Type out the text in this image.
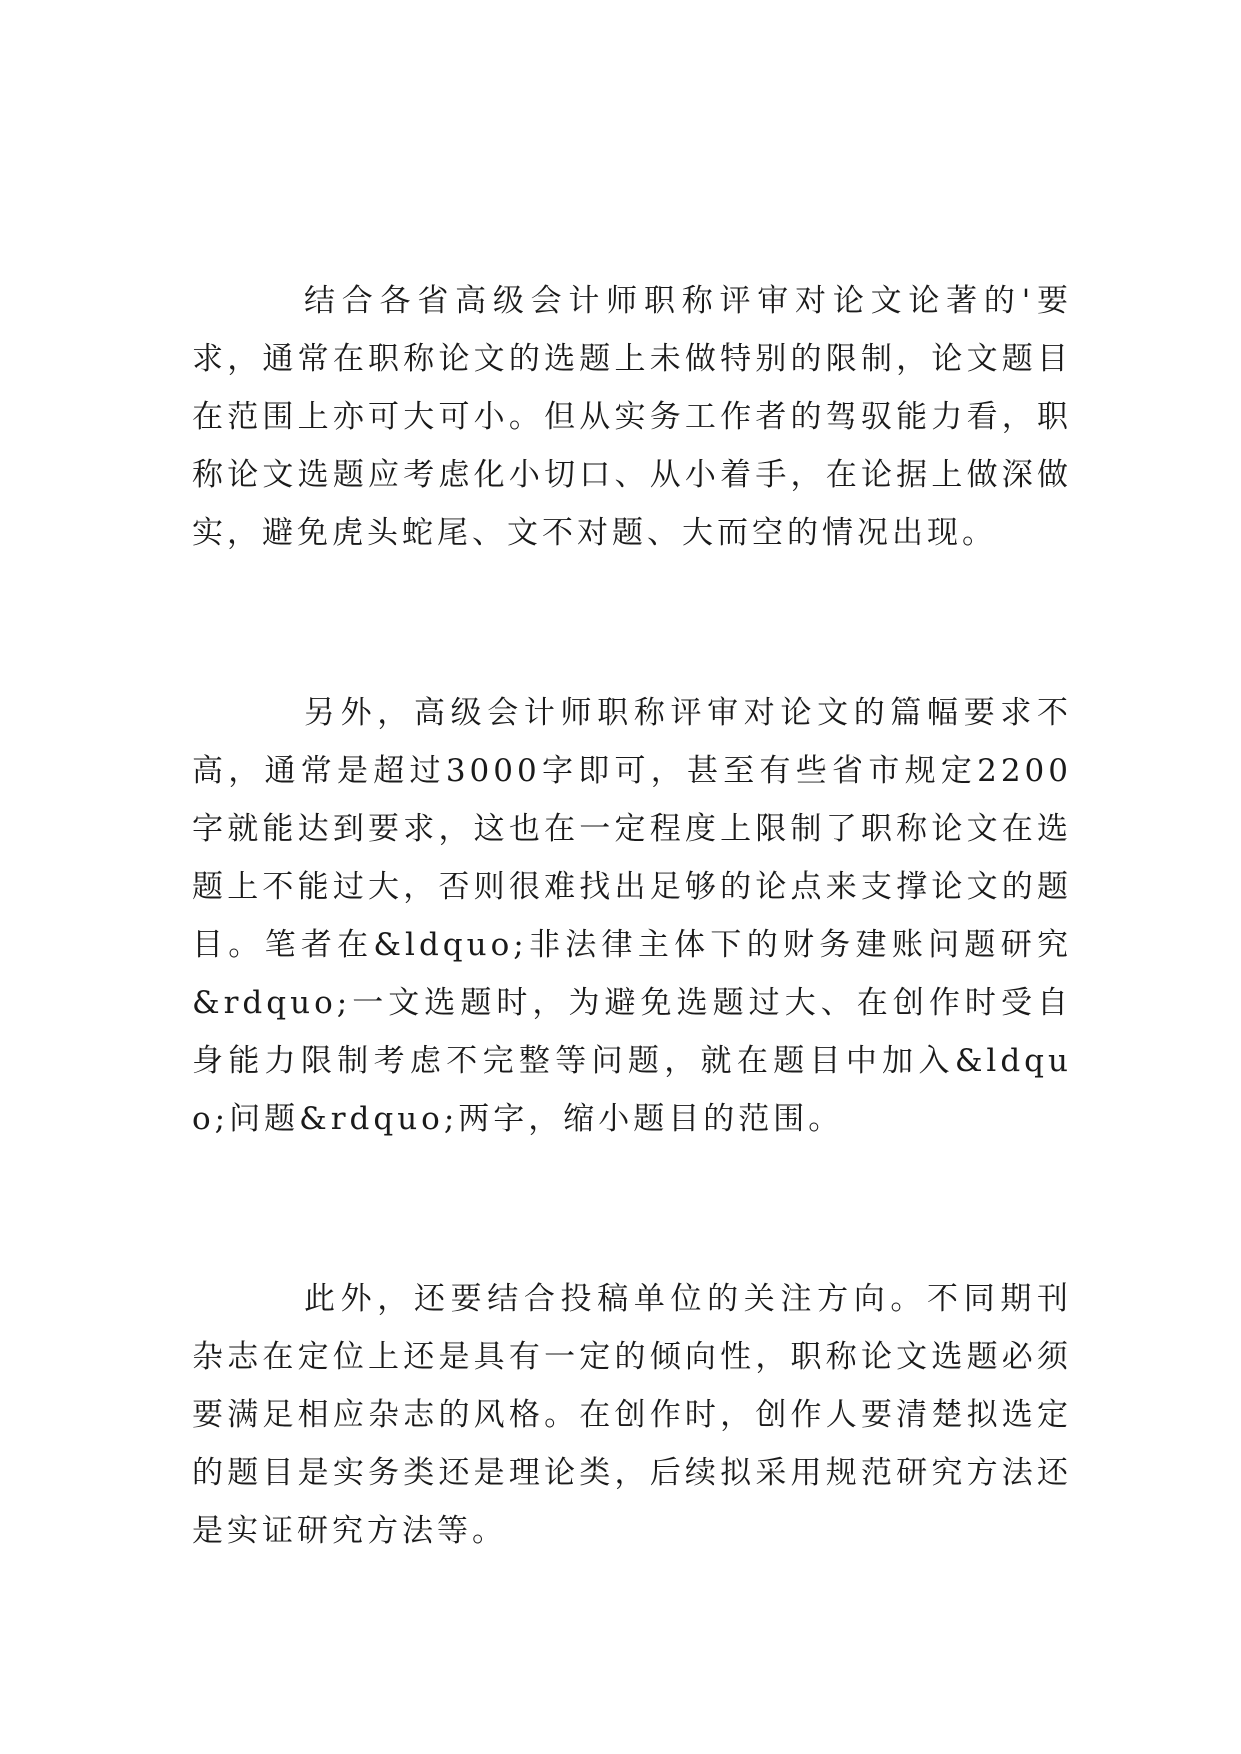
结合各省高级会计师职称评审对论文论著的'要求，通常在职称论文的选题上未做特别的限制，论文题目在范围上亦可大可小。但从实务工作者的驾驭能力看，职称论文选题应考虑化小切口、从小着手，在论据上做深做实，避免虎头蛇尾、文不对题、大而空的情况出现。

另外，高级会计师职称评审对论文的篇幅要求不高，通常是超过3000字即可，甚至有些省市规定2200字就能达到要求，这也在一定程度上限制了职称论文在选题上不能过大，否则很难找出足够的论点来支撑论文的题目。笔者在&ldquo;非法律主体下的财务建账问题研究&rdquo;一文选题时，为避免选题过大、在创作时受自身能力限制考虑不完整等问题，就在题目中加入&ldquo;问题&rdquo;两字，缩小题目的范围。

此外，还要结合投稿单位的关注方向。不同期刊杂志在定位上还是具有一定的倾向性，职称论文选题必须要满足相应杂志的风格。在创作时，创作人要清楚拟选定的题目是实务类还是理论类，后续拟采用规范研究方法还是实证研究方法等。
